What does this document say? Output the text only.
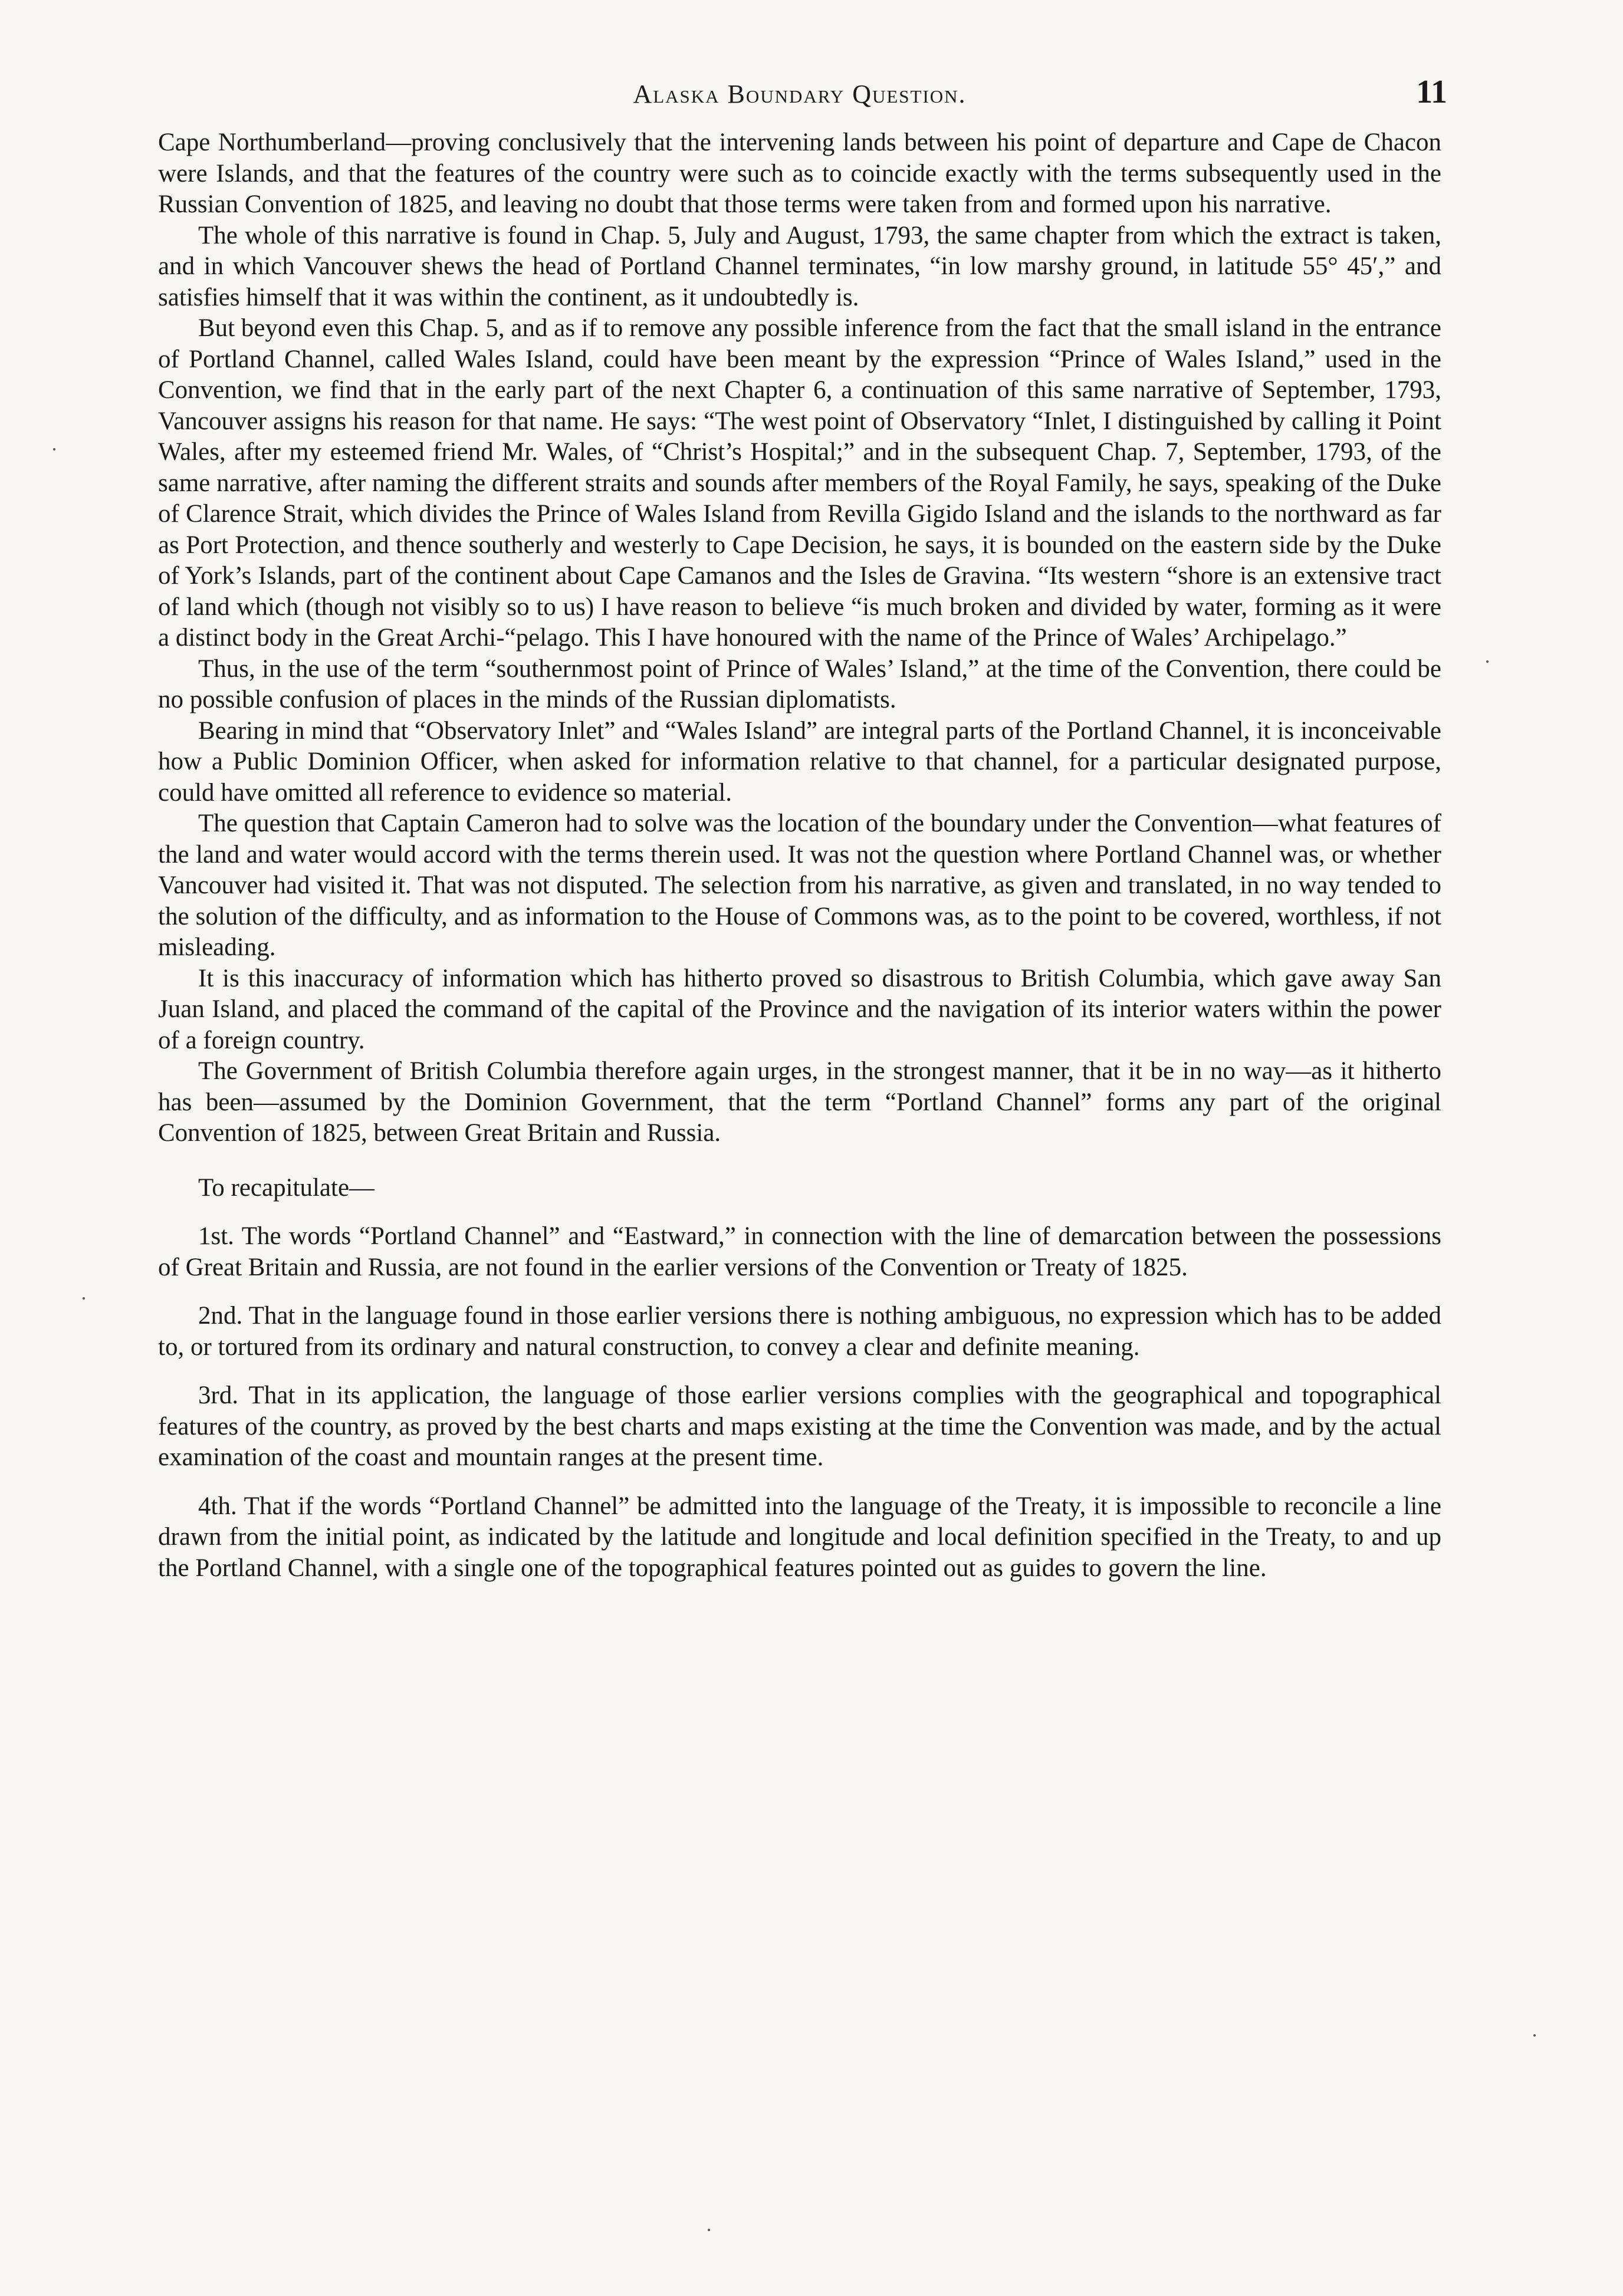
Alaska Boundary Question.	11

Cape Northumberland—proving conclusively that the intervening lands between his point of departure and Cape de Chacon were Islands, and that the features of the country were such as to coincide exactly with the terms subsequently used in the Russian Convention of 1825, and leaving no doubt that those terms were taken from and formed upon his narrative.

The whole of this narrative is found in Chap. 5, July and August, 1793, the same chapter from which the extract is taken, and in which Vancouver shews the head of Portland Channel terminates, “in low marshy ground, in latitude 55° 45′,” and satisfies himself that it was within the continent, as it undoubtedly is.

But beyond even this Chap. 5, and as if to remove any possible inference from the fact that the small island in the entrance of Portland Channel, called Wales Island, could have been meant by the expression “Prince of Wales Island,” used in the Convention, we find that in the early part of the next Chapter 6, a continuation of this same narrative of September, 1793, Vancouver assigns his reason for that name. He says: “The west point of Observatory “Inlet, I distinguished by calling it Point Wales, after my esteemed friend Mr. Wales, of “Christ’s Hospital;” and in the subsequent Chap. 7, September, 1793, of the same narrative, after naming the different straits and sounds after members of the Royal Family, he says, speaking of the Duke of Clarence Strait, which divides the Prince of Wales Island from Revilla Gigido Island and the islands to the northward as far as Port Protection, and thence southerly and westerly to Cape Decision, he says, it is bounded on the eastern side by the Duke of York’s Islands, part of the continent about Cape Camanos and the Isles de Gravina. “Its western “shore is an extensive tract of land which (though not visibly so to us) I have reason to believe “is much broken and divided by water, forming as it were a distinct body in the Great Archi-“pelago. This I have honoured with the name of the Prince of Wales’ Archipelago.”

Thus, in the use of the term “southernmost point of Prince of Wales’ Island,” at the time of the Convention, there could be no possible confusion of places in the minds of the Russian diplomatists.

Bearing in mind that “Observatory Inlet” and “Wales Island” are integral parts of the Portland Channel, it is inconceivable how a Public Dominion Officer, when asked for information relative to that channel, for a particular designated purpose, could have omitted all reference to evidence so material.

The question that Captain Cameron had to solve was the location of the boundary under the Convention—what features of the land and water would accord with the terms therein used. It was not the question where Portland Channel was, or whether Vancouver had visited it. That was not disputed. The selection from his narrative, as given and translated, in no way tended to the solution of the difficulty, and as information to the House of Commons was, as to the point to be covered, worthless, if not misleading.

It is this inaccuracy of information which has hitherto proved so disastrous to British Columbia, which gave away San Juan Island, and placed the command of the capital of the Province and the navigation of its interior waters within the power of a foreign country.

The Government of British Columbia therefore again urges, in the strongest manner, that it be in no way—as it hitherto has been—assumed by the Dominion Government, that the term “Portland Channel” forms any part of the original Convention of 1825, between Great Britain and Russia.

To recapitulate—

1st. The words “Portland Channel” and “Eastward,” in connection with the line of demarcation between the possessions of Great Britain and Russia, are not found in the earlier versions of the Convention or Treaty of 1825.

2nd. That in the language found in those earlier versions there is nothing ambiguous, no expression which has to be added to, or tortured from its ordinary and natural construction, to convey a clear and definite meaning.

3rd. That in its application, the language of those earlier versions complies with the geographical and topographical features of the country, as proved by the best charts and maps existing at the time the Convention was made, and by the actual examination of the coast and mountain ranges at the present time.

4th. That if the words “Portland Channel” be admitted into the language of the Treaty, it is impossible to reconcile a line drawn from the initial point, as indicated by the latitude and longitude and local definition specified in the Treaty, to and up the Portland Channel, with a single one of the topographical features pointed out as guides to govern the line.
